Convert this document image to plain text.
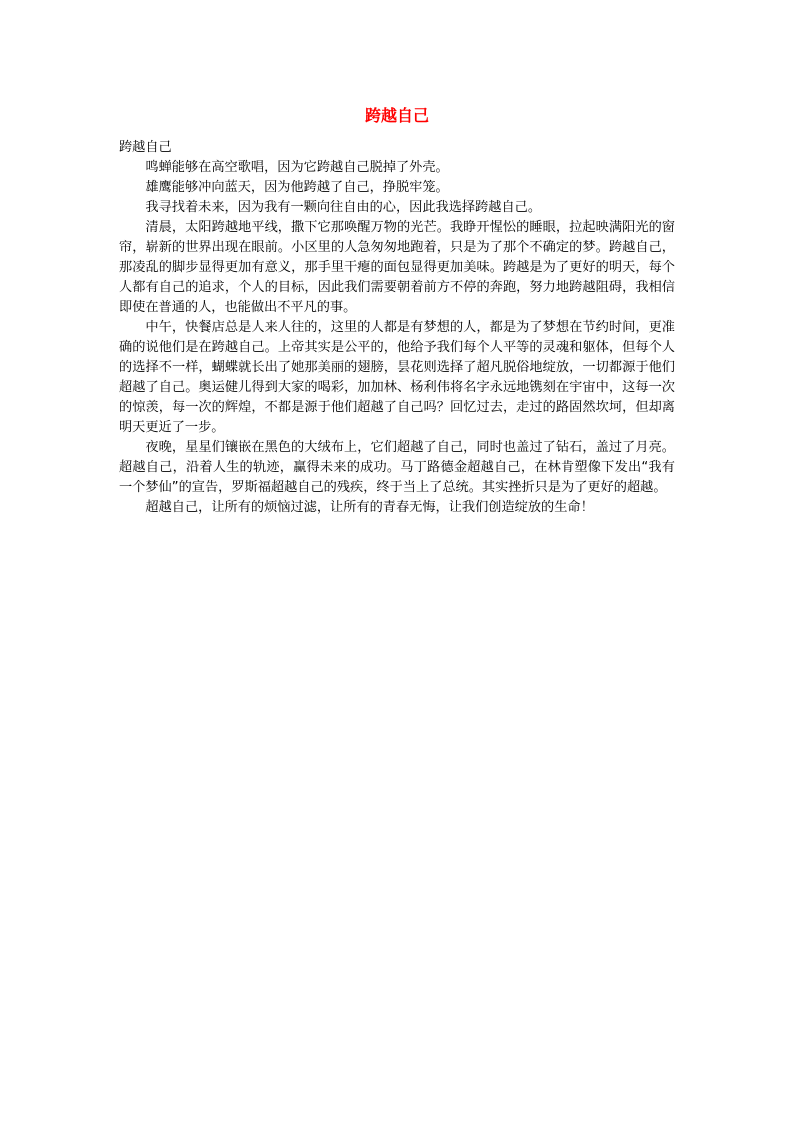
跨越自己

跨越自己

鸣蝉能够在高空歌唱，因为它跨越自己脱掉了外壳。

雄鹰能够冲向蓝天，因为他跨越了自己，挣脱牢笼。

我寻找着未来，因为我有一颗向往自由的心，因此我选择跨越自己。

清晨，太阳跨越地平线，撒下它那唤醒万物的光芒。我睁开惺忪的睡眼，拉起映满阳光的窗帘，崭新的世界出现在眼前。小区里的人急匆匆地跑着，只是为了那个不确定的梦。跨越自己，那凌乱的脚步显得更加有意义，那手里干瘪的面包显得更加美味。跨越是为了更好的明天，每个人都有自己的追求，个人的目标，因此我们需要朝着前方不停的奔跑，努力地跨越阻碍，我相信即使在普通的人，也能做出不平凡的事。

中午，快餐店总是人来人往的，这里的人都是有梦想的人，都是为了梦想在节约时间，更准确的说他们是在跨越自己。上帝其实是公平的，他给予我们每个人平等的灵魂和躯体，但每个人的选择不一样，蝴蝶就长出了她那美丽的翅膀，昙花则选择了超凡脱俗地绽放，一切都源于他们超越了自己。奥运健儿得到大家的喝彩，加加林、杨利伟将名字永远地镌刻在宇宙中，这每一次的惊羡，每一次的辉煌，不都是源于他们超越了自己吗？回忆过去，走过的路固然坎坷，但却离明天更近了一步。

夜晚，星星们镶嵌在黑色的大绒布上，它们超越了自己，同时也盖过了钻石，盖过了月亮。超越自己，沿着人生的轨迹，赢得未来的成功。马丁路德金超越自己，在林肯塑像下发出“我有一个梦仙”的宣告，罗斯福超越自己的残疾，终于当上了总统。其实挫折只是为了更好的超越。

超越自己，让所有的烦恼过滤，让所有的青春无悔，让我们创造绽放的生命！
